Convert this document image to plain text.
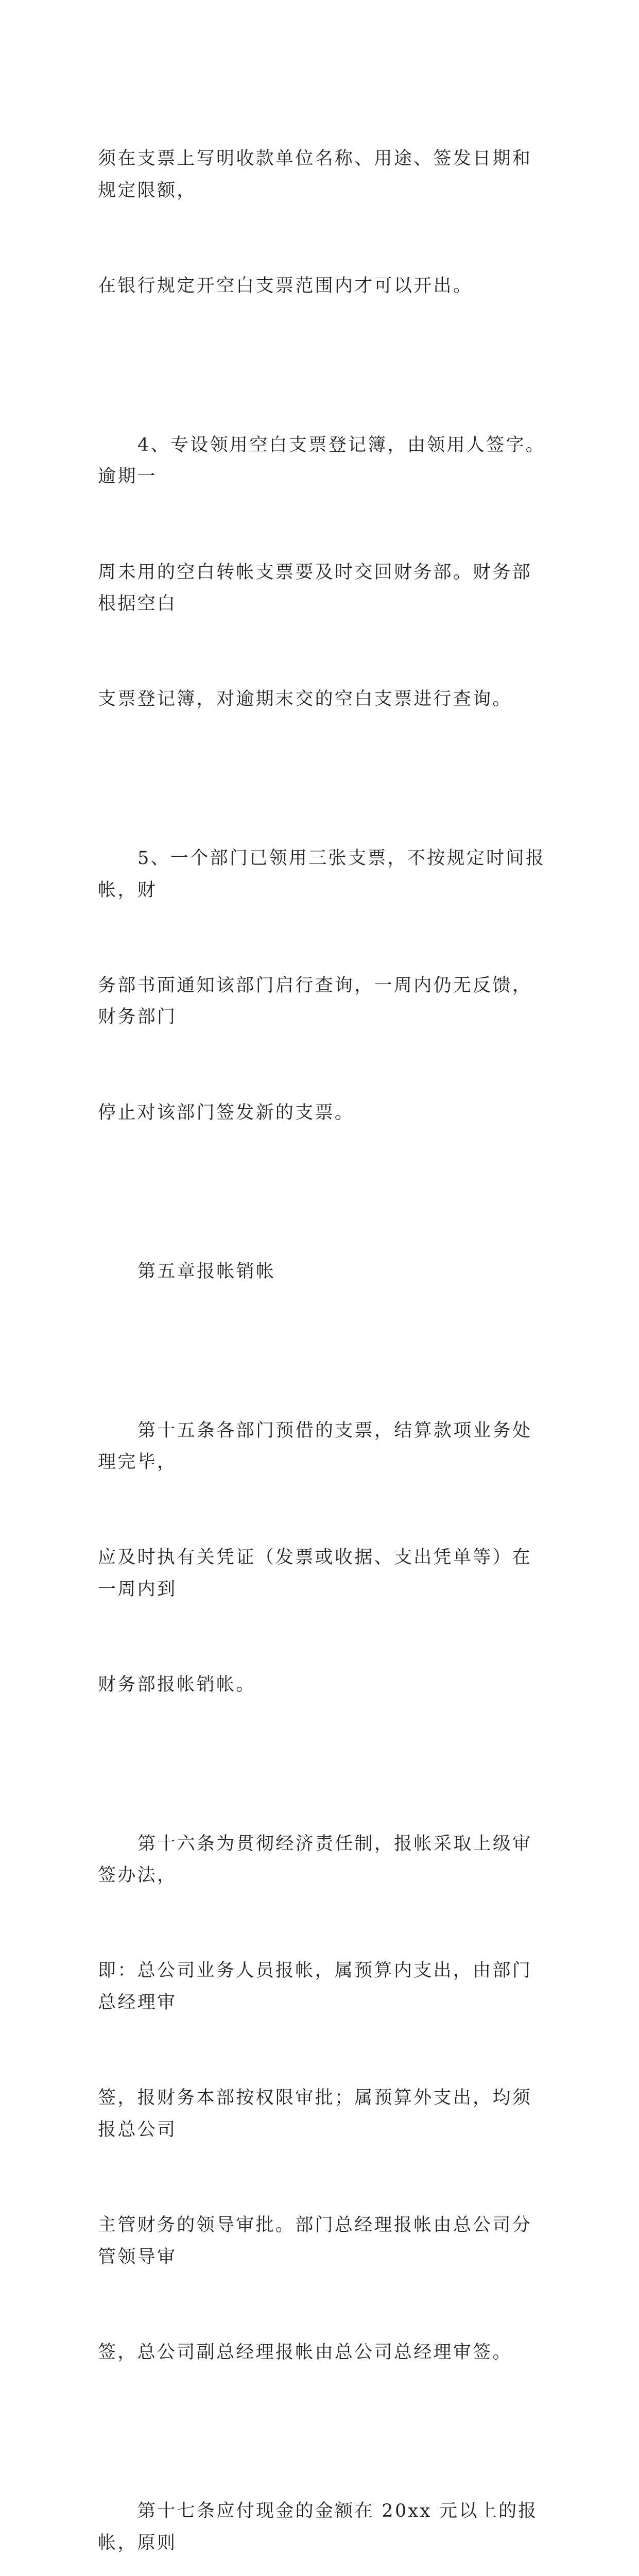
须在支票上写明收款单位名称、用途、签发日期和规定限额，

在银行规定开空白支票范围内才可以开出。

4、专设领用空白支票登记簿，由领用人签字。逾期一

周未用的空白转帐支票要及时交回财务部。财务部根据空白

支票登记簿，对逾期末交的空白支票进行查询。

5、一个部门已领用三张支票，不按规定时间报帐，财

务部书面通知该部门启行查询，一周内仍无反馈，财务部门

停止对该部门签发新的支票。

第五章报帐销帐

第十五条各部门预借的支票，结算款项业务处理完毕，

应及时执有关凭证（发票或收据、支出凭单等）在一周内到

财务部报帐销帐。

第十六条为贯彻经济责任制，报帐采取上级审签办法，

即：总公司业务人员报帐，属预算内支出，由部门总经理审

签，报财务本部按权限审批；属预算外支出，均须报总公司

主管财务的领导审批。部门总经理报帐由总公司分管领导审

签，总公司副总经理报帐由总公司总经理审签。

第十七条应付现金的金额在 20xx 元以上的报帐，原则
